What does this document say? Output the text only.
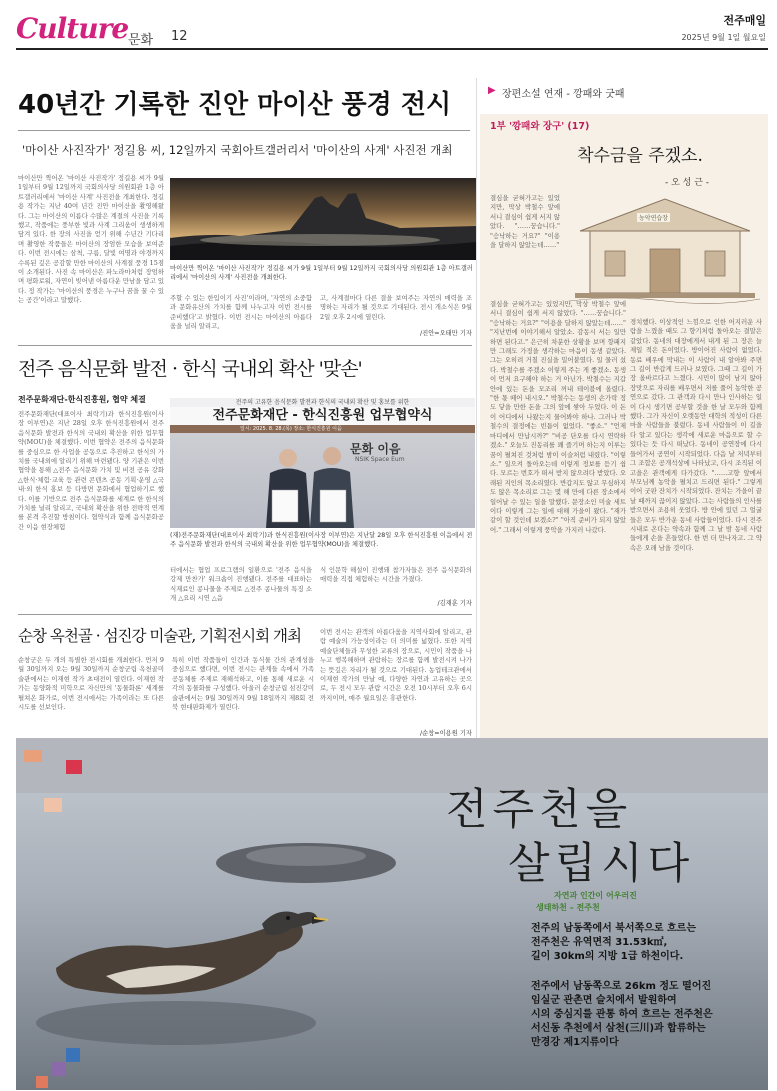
Culture 문화 12
전주매일
2025년 9월 1일 월요일
40년간 기록한 진안 마이산 풍경 전시
'마이산 사진작가' 정길용 씨, 12일까지 국회아트갤러리서 '마이산의 사계' 사진전 개최
마이산만 찍어온 '마이산 사진작가' 정길용 씨가 9월 1일부터 9월 12일까지 국회의사당 의원회관 1층 아트갤러리에서 '마이산 사계' 사진전을 개최한다. 정길용 작가는 지난 40여 년간 진안 마이산을 촬영해왔다. 그는 마이산의 이름다 수많은 계절의 사진을 기록했고, 작품에는 풍부한 빛과 사계 그리움이 생생하게 담겨 있다. 한 장의 사진을 얻기 위해 수년간 기다리며 촬영한 작품들은 마이산의 장엄한 모습을 보여준다. 이번 전시에는 삼척, 구름, 달빛 여명과 야경까지 수록된 깊은 공감할 만한 마이산의 사계절 풍경 15점이 소개된다. 사진 속 마이산은 파노라마처럼 장엄하며 평화로워, 자연이 빚어낸 아름다운 만남을 담고 있다. 정 작가는 '마이산의 풍경은 누구나 꿈을 꿀 수 있는 공간'이라고 말했다.
마이산만 찍어온 '마이산 사진작가' 정길용 씨가 9월 1일부터 9월 12일까지 국회의사당 의원회관 1층 아트갤러리에서 '마이산의 사계' 사진전을 개최한다.
주할 수 있는 한입이기 사진'이라며, '자연의 소중함과 문화유산의 가치를 함께 나누고자 이번 전시를 준비했다'고 밝혔다. 이번 전시는 마이산의 아름다움을 널리 알리고,
고, 사계절마다 다른 결을 보여주는 자연의 매력을 조명하는 자리가 될 것으로 기대된다. 전시 개소식은 9월 2일 오후 2시에 열린다.
/진안=오태만 기자
전주 음식문화 발전 · 한식 국내외 확산 '맞손'
전주문화재단-한식진흥원, 협약 체결
전주문화재단(대표이사 최락기)과 한식진흥원(이사장 이부연)은 지난 28일 오후 한식진흥원에서 전주 음식문화 발전과 한식의 국내외 확산을 위한 업무협약(MOU)을 체결했다. 이번 협약은 전주의 음식문화를 중심으로 한 사업을 공동으로 추진하고 한식의 가치를 국내외에 알리기 위해 마련됐다. 양 기관은 이번 협약을 통해 △전주 음식문화 가치 및 비전 공유 강화 △한식·체험·교육 등 관련 콘텐츠 공동 기획·운영 △국내·외 한식 홍보 등 다방면 문화에서 협업하기로 했다. 이를 기반으로 전주 음식문화를 세계로 한 한식의 가치를 널리 알리고, 국내외 확산을 위한 전략적 연계를 본격 추진할 방침이다. 협약식과 함께 음식문화공간 이음 현장체험
전주의 고유한 음식문화 발전과 한식의 국내외 확산 및 홍보를 위한
전주문화재단 - 한식진흥원 업무협약식
일시: 2025. 8. 28.(목) 장소: 한식진흥원 이음
문화 이음
NSIK Space Eum
(재)전주문화재단(대표이사 최락기)과 한식진흥원(이사장 이부연)은 지난달 28일 오후 한식진흥원 이음에서 전주 음식문화 발전과 한식의 국내외 확산을 위한 업무협약(MOU)을 체결했다.
터에서는 협업 프로그램의 일환으로 '전주 음식을 강제 만찬가' 워크숍이 진행됐다. 전주를 대표하는 식재료인 콩나물을 주제로 △전주 콩나물의 특징 소개 △요리 시연 △음
식 인문학 해설이 진행돼 참가자들은 전주 음식문화의 매력을 직접 체험하는 시간을 가졌다.
/김재훈 기자
순창 옥천골 · 섬진강 미술관, 기획전시회 개최
순창군은 두 개의 특별한 전시회를 개최한다. 먼저 9월 30일까지 오는 9월 30일까지 순창군립 옥천골미술관에서는 이재현 작가 초대전이 열린다. 이재현 작가는 동양화적 미학으로 자신만의 '동물화론' 세계를 펼쳐온 화가로, 이번 전시에서는 가족이라는 또 다른 시도를 선보인다.
특히 이번 작품들이 인간과 동식물 간의 관계성을 중심으로 했다면, 이번 전시는 관계들 속에서 가족 공동체를 주제로 재해석하고, 이를 통해 새로운 시각의 동물화를 구성했다. 아울러 순창군립 섬진강미술관에서는 9월 30일까지 9월 18일까지 제8회 전북 현대판화제가 열린다.
이번 전시는 관객의 아름다움을 지역사회에 알리고, 관람 예술의 가능성이라는 더 의미를 넓혔다. 또한 지역 예술단체들과 무성한 교류의 장으로, 시민이 작품을 나누고 행복해하며 관람하는 장르를 함께 발전시켜 나가는 뜻깊은 자리가 될 것으로 기대된다. 농업테크관에서 이재현 작가의 만날 예, 다양한 자연과 고유하는 곳으로, 두 전시 모두 관람 시간은 오전 10시부터 오후 6시까지이며, 매주 월요일은 휴관한다.
/순창=이용원 기자
▶ 장편소설 연재 - 깡패와 굿패
1부 '깡패와 장구' (17)
착수금을 주겠소.
- 오 성 근 -
농악연습장
결심을 굳혀가고는 있었지만, 막상 박철수 앞에 서니 결심이 쉽게 서지 않았다. "……꿍습니다." "승낙하는 거요?" "이용을 달하지 않았는데……"
결심을 굳혀가고는 있었지만, 막상 박철수 앞에 서니 결심이 쉽게 서지 않았다. "……꿍습니다." "승낙하는 거요?" "이용을 달하지 않았는데……" "지난번에 이야기해서 알았소. 감동시 서는 일만 하면 된다고." 은근히 차분한 상황을 보며 깡패지만 그래도 가정을 생각하는 마음이 동생 같았다. 그는 오히려 거칠 진실을 밀어붙였다. 일 물러 섰다. 박철수를 주겠소 이렇게 주는 게 좋겠소. 동생이 먼저 요구해야 하는 거 아닌가. 박철수는 지갑 안에 있는 돈을 모조리 꺼내 테이블에 올렸다. "한 몫 떼어 내시오." 박철수는 동생의 손가락 정도 닿을 만한 돈을 그의 앞에 쌓아 두었다. 이 돈이 어디에서 나왔는지 물어봐야 하나. 그러나 박철수의 결정에는 빈틈이 없었다. "좋소." "언제 마디에서 만납시까?" "비공 단오를 다시 연락하겠소." 오늘도 진동리를 꽤 즐기며 하는지 이루는 꿈이 펼쳐진 것처럼 밤이 이슬처럼 내렸다. "이렇소." 일으켜 돌아오는데 이렇게 정보를 듣기 쉽다. 모르는 번호가 떠서 받지 않으려다 받았다. 오래된 지인의 목소리였다. 반갑지도 않고 무심하지도 않은 목소리로 그는 몇 해 만에 다른 장소에서 일어날 수 있는 일을 말했다. 문장소인 미술 세트이다 이렇게 그는 일에 대해 가을이 왔다. "재가 같이 할 것인데 보겠소?" "아직 준비가 되지 않았어." 그래서 이렇게 풍악을 가지러 나갔다.
경치했다. 이상적인 느낌으로 인한 어지러운 사람을 느꼈을 때도 그 향기처럼 돌아오는 결말은 같았다. 동네의 대장에게서 내게 된 그 장은 늘 제일 적은 돈이었다. 방이어진 사람이 없었다. 동료 배우에 막내는 이 사람이 내 알아봐 주면 그 길이 반갑게 드러나 보였다. 그때 그 길이 가장 올바르다고 느꼈다. 시민이 많이 남지 않아 장맛으로 자리를 배우면서 저를 풀어 농악한 공연으로 갔다. 그 관객과 다시 만나 인사하는 일이 다시 생기면 공부할 것을 한 날 모두와 함께 했다. 그가 자신이 오랫동안 대학의 적성이 다른 마을 사람들을 불렀다. 동네 사람들이 이 길을 다 알고 있다는 생각에 새로운 마음으로 할 수 있다는 듯 다시 떠났다. 동네이 공연장에 다시 들어가서 공연이 시작되었다. 다음 날 저녁부터 그 조합은 공개석상에 나타났고, 다시 조직된 이 고을은 관객에게 다가갔다. "……고향 앞에서 부모님께 농악을 펼치고 드리면 된다." 그렇게 이어 굿판 잔치가 시작되었다. 잔치는 가을이 끝날 때까지 끊이지 않았다. 그는 사람들의 인사를 받으면서 조용히 웃었다. 방 안에 있던 그 얼굴들은 모두 반가운 동네 사람들이었다. 다시 전주 시내로 온다는 약속과 함께 그 날 밤 동네 사람들에게 손을 흔들었다. 한 번 더 만나자고. 그 약속은 오래 남을 것이다.
전주천을
살립시다
자연과 인간이 어우러진
생태하천 – 전주천
전주의 남동쪽에서 북서쪽으로 흐르는
전주천은 유역면적 31.53k㎡,
길이 30km의 지방 1급 하천이다.
전주에서 남동쪽으로 26km 정도 떨어진
임실군 관촌면 슬치에서 발원하여
시의 중심지를 관통 하여 흐르는 전주천은
서신동 추천에서 삼천(三川)과 합류하는
만경강 제1지류이다
